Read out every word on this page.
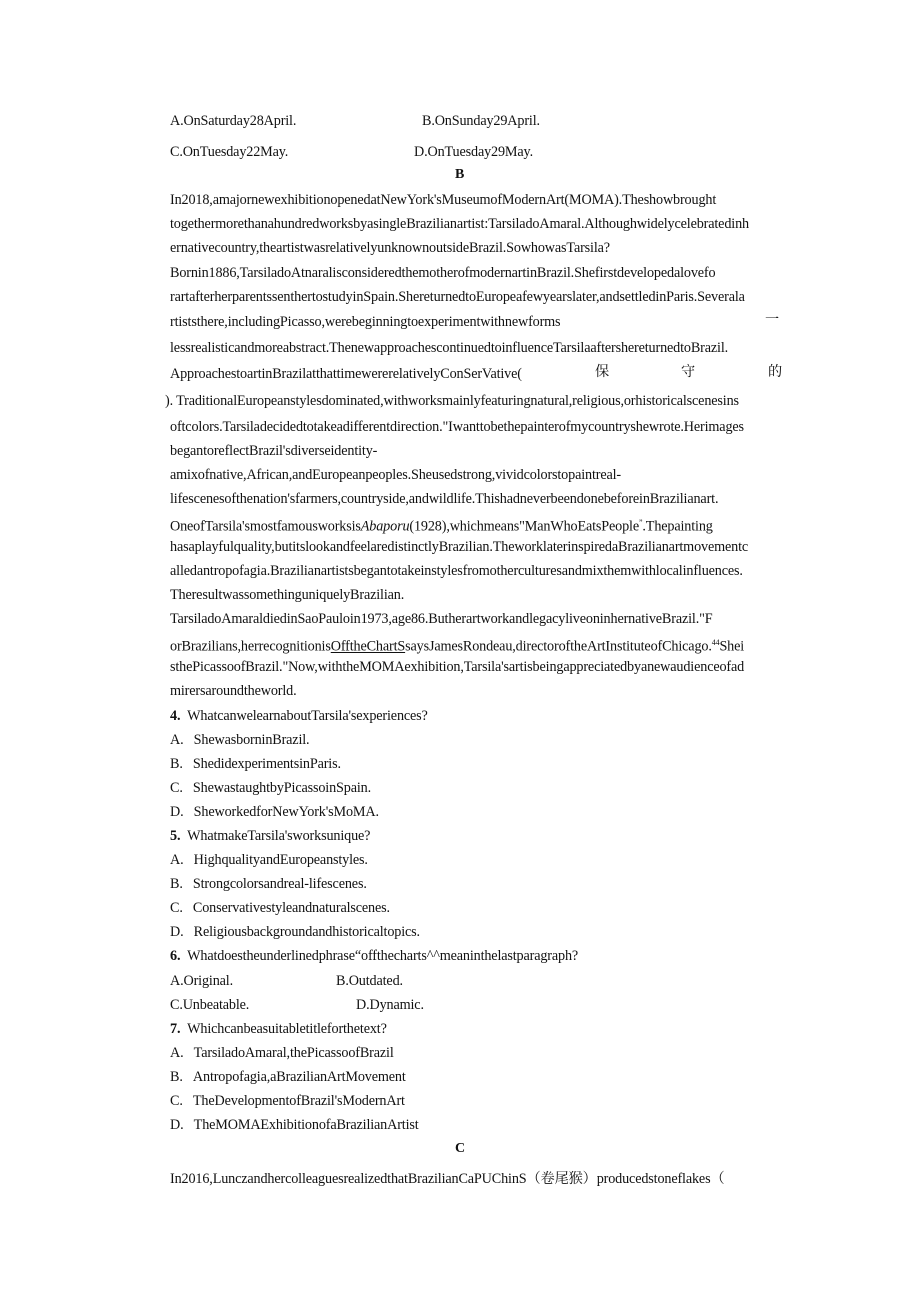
A.OnSaturday28April.	B.OnSunday29April.
C.OnTuesday22May.	D.OnTuesday29May.
B
In2018,amajornewexhibitionopenedatNewYork'sMuseumofModernArt(MOMA).Theshowbrought
togethermorethanahundredworksbyasingleBrazilianartist:TarsiladoAmaral.Althoughwidelycelebratedinh
ernativecountry,theartistwasrelativelyunknownoutsideBrazil.SowhowasTarsila?
Bornin1886,TarsiladoAtnaralisconsideredthemotherofmodernartinBrazil.Shefirstdevelopedalovefo
rartafterherparentssenthertostudyinSpain.ShereturnedtoEuropeafewyearslater,andsettledinParis.Severala
rtiststhere,includingPicasso,werebeginningtoexperimentwithnewforms	一
lessrealisticandmoreabstract.ThenewapproachescontinuedtoinfluenceTarsilaaftershereturnedtoBrazil.
ApproachestoartinBrazilatthattimewererelativelyConSerVative(	保	守	的
). TraditionalEuropeanstylesdominated,withworksmainlyfeaturingnatural,religious,orhistoricalscenesins
oftcolors.Tarsiladecidedtotakeadifferentdirection."Iwanttobethepainterofmycountryshewrote.Herimages
begantoreflectBrazil'sdiverseidentity-
amixofnative,African,andEuropeanpeoples.Sheusedstrong,vividcolorstopaintreal-
lifescenesofthenation'sfarmers,countryside,andwildlife.ThishadneverbeendonebeforeinBrazilianart.
OneofTarsila'smostfamousworksisAbaporu(1928),whichmeans"ManWhoEatsPeople”.Thepainting
hasaplayfulquality,butitslookandfeelaredistinctlyBrazilian.TheworklaterinspiredaBrazilianartmovementc
alledantropofagia.Brazilianartistsbegantotakeinstylesfromotherculturesandmixthemwithlocalinfluences.
TheresultwassomethinguniquelyBrazilian.
TarsiladoAmaraldiedinSaoPauloin1973,age86.ButherartworkandlegacyliveoninhernativeBrazil."F
orBrazilians,herrecognitionisOfftheChartSsaysJamesRondeau,directoroftheArtInstituteofChicago.$^{44}$Shei
sthePicassoofBrazil."Now,withtheMOMAexhibition,Tarsila'sartisbeingappreciatedbyanewaudienceofad
mirersaroundtheworld.
4. WhatcanwelearnaboutTarsila'sexperiences?
A.   ShewasborninBrazil.
B.   ShedidexperimentsinParis.
C.   ShewastaughtbyPicassoinSpain.
D.   SheworkedforNewYork'sMoMA.
5. WhatmakeTarsila'sworksunique?
A.   HighqualityandEuropeanstyles.
B.   Strongcolorsandreal-lifescenes.
C.   Conservativestyleandnaturalscenes.
D.   Religiousbackgroundandhistoricaltopics.
6. Whatdoestheunderlinedphrase“offthecharts^^meaninthelastparagraph?
A.Original.	B.Outdated.
C.Unbeatable.	D.Dynamic.
7. Whichcanbeasuitabletitleforthetext?
A.   TarsiladoAmaral,thePicassoofBrazil
B.   Antropofagia,aBrazilianArtMovement
C.   TheDevelopmentofBrazil'sModernArt
D.   TheMOMAExhibitionofaBrazilianArtist
C
In2016,LunczandhercolleaguesrealizedthatBrazilianCaPUChinS（卷尾猴）producedstoneflakes（
